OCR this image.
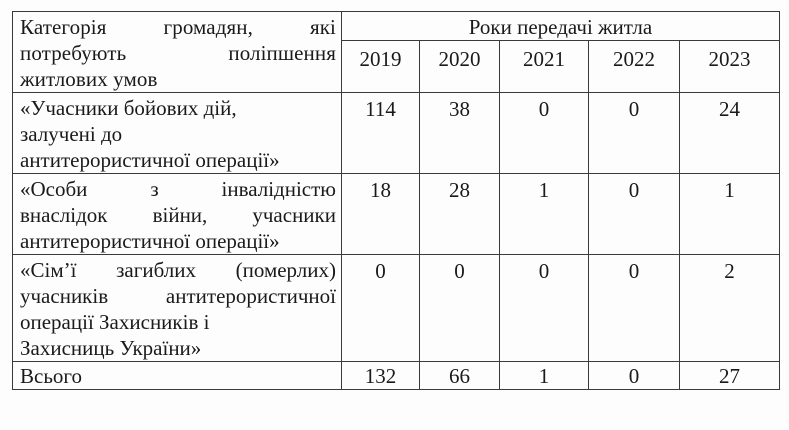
Категорія громадян, які
потребують поліпшення
житлових умов	Роки передачі житла				
	2019	2020	2021	2022	2023

«Учасники бойових дій,
залучені до
антитерористичної операції»	114	38	0	0	24

«Особи з інвалідністю
внаслідок війни, учасники
антитерористичної операції»	18	28	1	0	1

«Сім’ї загиблих (померлих)
учасників антитерористичної
операції Захисників і
Захисниць України»	0	0	0	0	2
Всього	132	66	1	0	27
